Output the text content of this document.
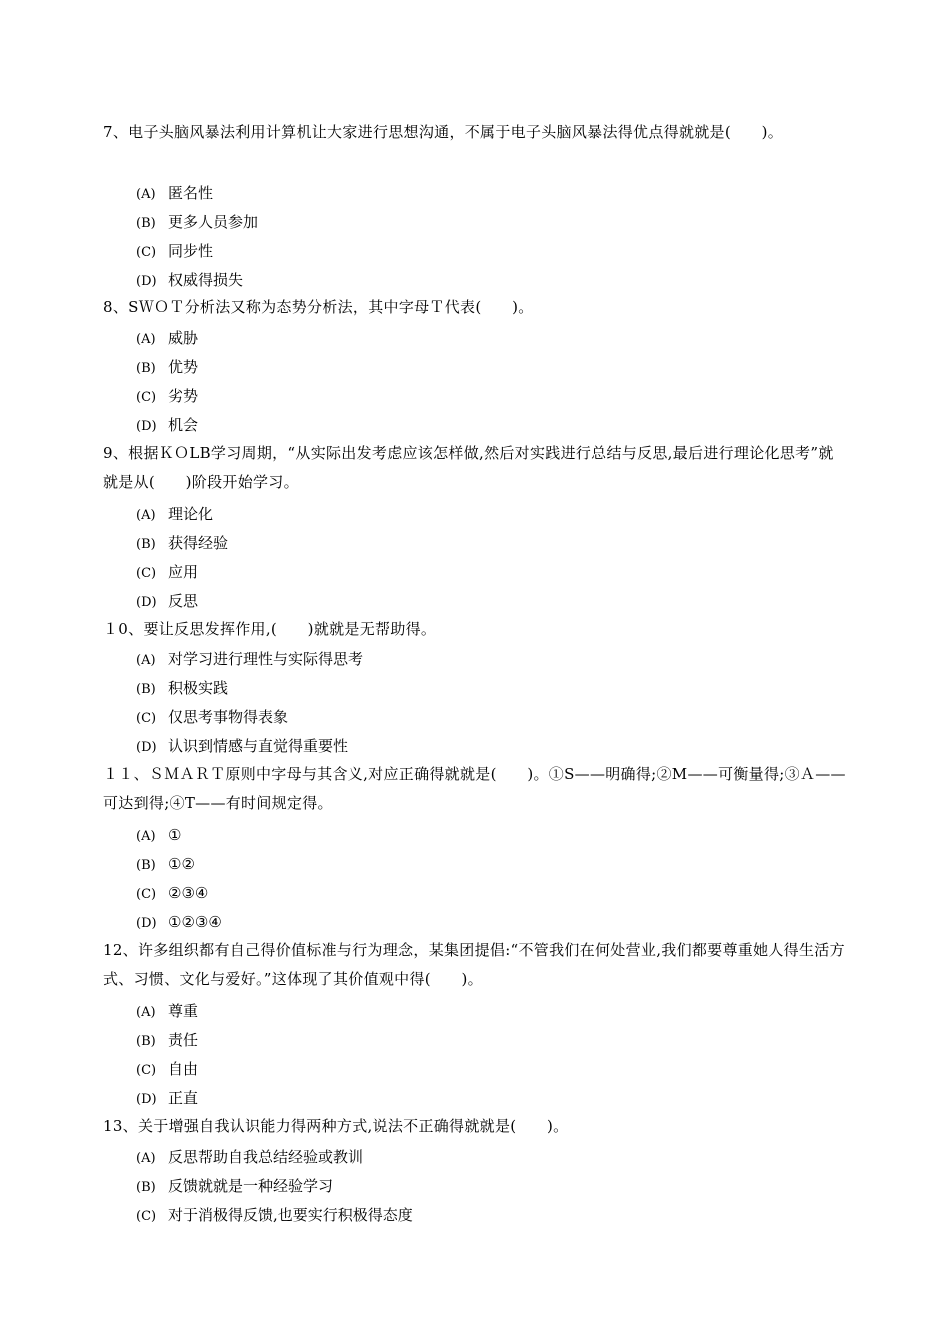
7、电子头脑风暴法利用计算机让大家进行思想沟通，不属于电子头脑风暴法得优点得就就是(　　)。
(A) 匿名性
(B) 更多人员参加
(C) 同步性
(D) 权威得损失
8、SＷＯＴ分析法又称为态势分析法，其中字母Ｔ代表(　　)。
(A) 威胁
(B) 优势
(C) 劣势
(D) 机会
9、根据ＫＯLB学习周期，“从实际出发考虑应该怎样做,然后对实践进行总结与反思,最后进行理论化思考”就就是从(　　)阶段开始学习。
(A) 理论化
(B) 获得经验
(C) 应用
(D) 反思
１0、要让反思发挥作用,(　　)就就是无帮助得。
(A) 对学习进行理性与实际得思考
(B) 积极实践
(C) 仅思考事物得表象
(D) 认识到情感与直觉得重要性
１１、ＳＭＡＲＴ原则中字母与其含义,对应正确得就就是(　　)。①S——明确得;②M——可衡量得;③Ａ——可达到得;④T——有时间规定得。
(A) ①
(B) ①②
(C) ②③④
(D) ①②③④
12、许多组织都有自己得价值标准与行为理念，某集团提倡:“不管我们在何处营业,我们都要尊重她人得生活方式、习惯、文化与爱好。”这体现了其价值观中得(　　)。
(A) 尊重
(B) 责任
(C) 自由
(D) 正直
13、关于增强自我认识能力得两种方式,说法不正确得就就是(　　)。
(A) 反思帮助自我总结经验或教训
(B) 反馈就就是一种经验学习
(C) 对于消极得反馈,也要实行积极得态度
